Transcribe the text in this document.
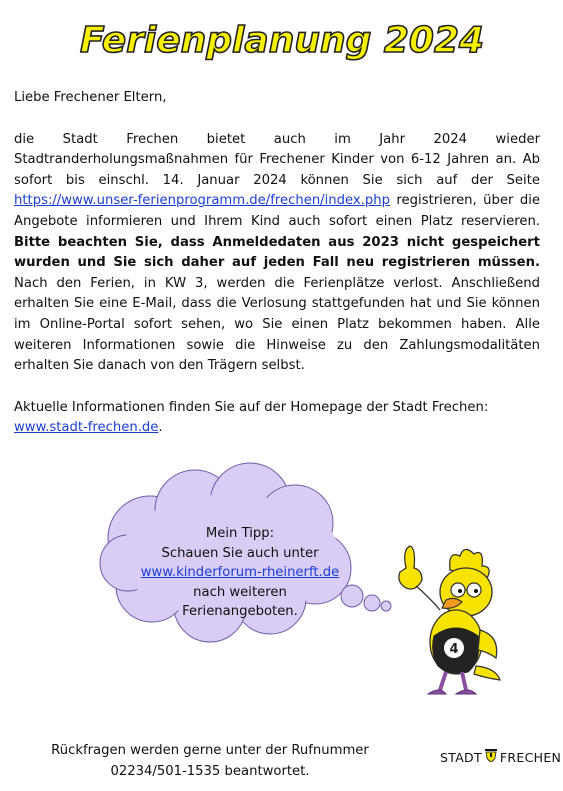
Ferienplanung 2024

Liebe Frechener Eltern,

die Stadt Frechen bietet auch im Jahr 2024 wieder Stadtranderholungsmaßnahmen für Frechener Kinder von 6-12 Jahren an. Ab sofort bis einschl. 14. Januar 2024 können Sie sich auf der Seite https://www.unser-ferienprogramm.de/frechen/index.php registrieren, über die Angebote informieren und Ihrem Kind auch sofort einen Platz reservieren. Bitte beachten Sie, dass Anmeldedaten aus 2023 nicht gespeichert wurden und Sie sich daher auf jeden Fall neu registrieren müssen. Nach den Ferien, in KW 3, werden die Ferienplätze verlost. Anschließend erhalten Sie eine E-Mail, dass die Verlosung stattgefunden hat und Sie können im Online-Portal sofort sehen, wo Sie einen Platz bekommen haben. Alle weiteren Informationen sowie die Hinweise zu den Zahlungsmodalitäten erhalten Sie danach von den Trägern selbst.

Aktuelle Informationen finden Sie auf der Homepage der Stadt Frechen:
www.stadt-frechen.de.

Mein Tipp:
Schauen Sie auch unter
www.kinderforum-rheinerft.de
nach weiteren
Ferienangeboten.
4
Rückfragen werden gerne unter der Rufnummer
02234/501-1535 beantwortet.
STADT FRECHEN
